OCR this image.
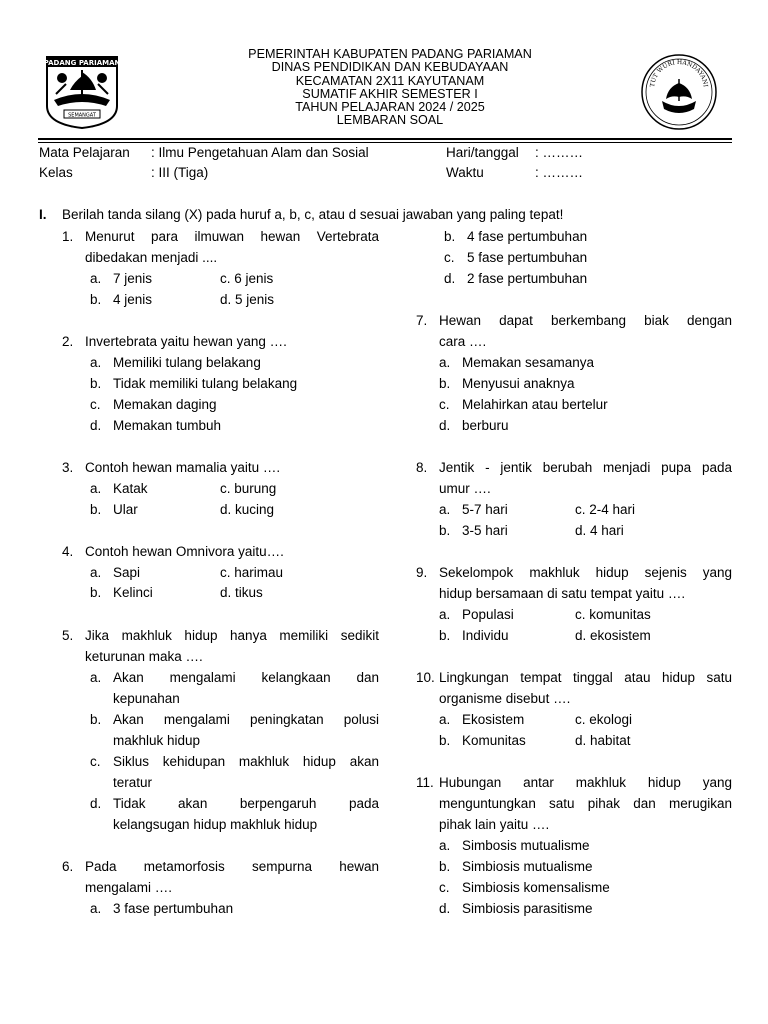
PADANG PARIAMAN
SEMANGAT
TUT WURI HANDAYANI
PEMERINTAH KABUPATEN PADANG PARIAMAN
DINAS PENDIDIKAN DAN KEBUDAYAAN
KECAMATAN 2X11 KAYUTANAM
SUMATIF AKHIR SEMESTER I
TAHUN PELAJARAN 2024 / 2025
LEMBARAN SOAL
Mata Pelajaran : Ilmu Pengetahuan Alam dan Sosial
Kelas	: III (Tiga)
Hari/tanggal : ………
Waktu	: ………
I. Berilah tanda silang (X) pada huruf a, b, c, atau d sesuai jawaban yang paling tepat!
1. Menurut para ilmuwan hewan Vertebrata
dibedakan menjadi ....
a. 7 jenis	c. 6 jenis
b. 4 jenis	d. 5 jenis
2. Invertebrata yaitu hewan yang ….
a. Memiliki tulang belakang
b. Tidak memiliki tulang belakang
c. Memakan daging
d. Memakan tumbuh
3. Contoh hewan mamalia yaitu ….
a. Katak	c. burung
b. Ular	d. kucing
4. Contoh hewan Omnivora yaitu….
a. Sapi	c. harimau
b. Kelinci	d. tikus
5. Jika makhluk hidup hanya memiliki sedikit
keturunan maka ….
a. Akan mengalami kelangkaan dan
kepunahan
b. Akan mengalami peningkatan polusi
makhluk hidup
c. Siklus kehidupan makhluk hidup akan
teratur
d. Tidak akan berpengaruh pada
kelangsugan hidup makhluk hidup
6. Pada metamorfosis sempurna hewan
mengalami ….
a. 3 fase pertumbuhan
b. 4 fase pertumbuhan
c. 5 fase pertumbuhan
d. 2 fase pertumbuhan
7. Hewan dapat berkembang biak dengan
cara ….
a. Memakan sesamanya
b. Menyusui anaknya
c. Melahirkan atau bertelur
d. berburu
8. Jentik - jentik berubah menjadi pupa pada
umur ….
a. 5-7 hari	c. 2-4 hari
b. 3-5 hari	d. 4 hari
9. Sekelompok makhluk hidup sejenis yang
hidup bersamaan di satu tempat yaitu ….
a. Populasi	c. komunitas
b. Individu	d. ekosistem
10. Lingkungan tempat tinggal atau hidup satu
organisme disebut ….
a. Ekosistem	c. ekologi
b. Komunitas	d. habitat
11. Hubungan antar makhluk hidup yang
menguntungkan satu pihak dan merugikan
pihak lain yaitu ….
a. Simbosis mutualisme
b. Simbiosis mutualisme
c. Simbiosis komensalisme
d. Simbiosis parasitisme
